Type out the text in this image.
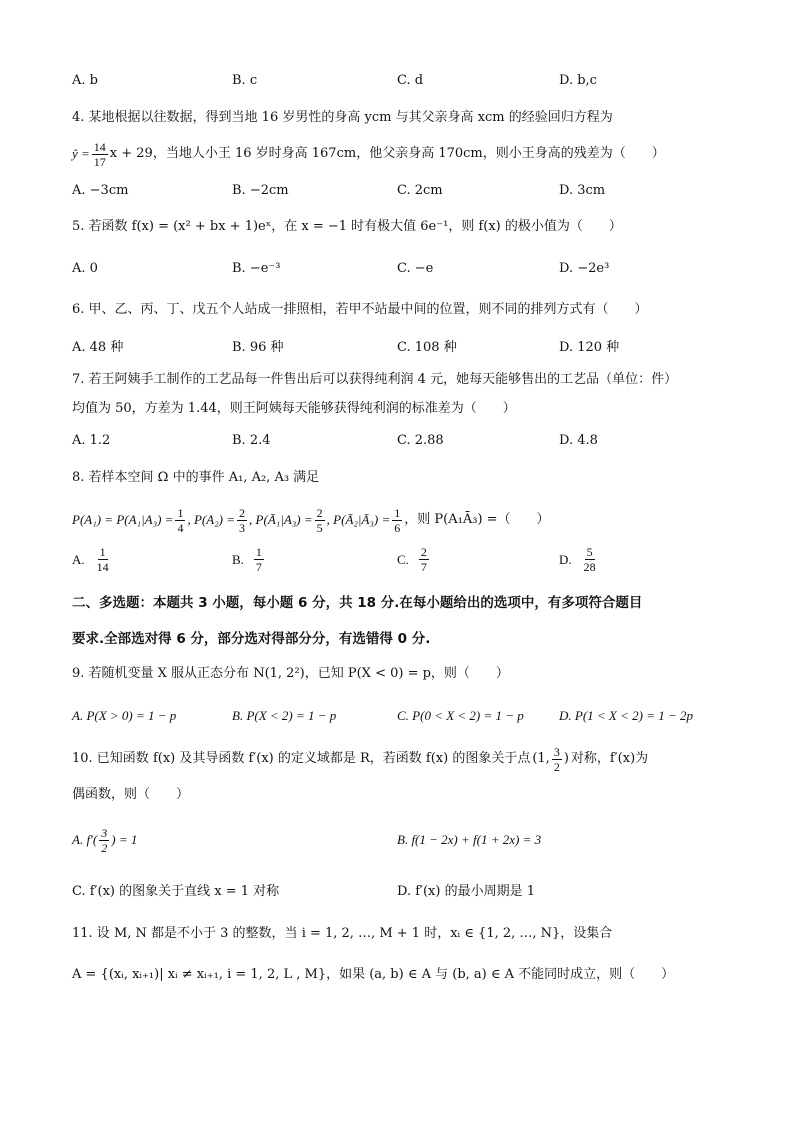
A. b	B. c	C. d	D. b,c
4. 某地根据以往数据，得到当地 16 岁男性的身高 ycm 与其父亲身高 xcm 的经验回归方程为
ŷ = $\frac{14}{17}$ x + 29，当地人小王 16 岁时身高 167cm，他父亲身高 170cm，则小王身高的残差为（　　）
A. −3cm	B. −2cm	C. 2cm	D. 3cm
5. 若函数 f(x) = (x² + bx + 1)eˣ，在 x = −1 时有极大值 6e⁻¹，则 f(x) 的极小值为（　　）
A. 0	B. −e⁻³	C. −e	D. −2e³
6. 甲、乙、丙、丁、戊五个人站成一排照相，若甲不站最中间的位置，则不同的排列方式有（　　）
A. 48 种	B. 96 种	C. 108 种	D. 120 种
7. 若王阿姨手工制作的工艺品每一件售出后可以获得纯利润 4 元，她每天能够售出的工艺品（单位：件）
均值为 50，方差为 1.44，则王阿姨每天能够获得纯利润的标准差为（　　）
A. 1.2	B. 2.4	C. 2.88	D. 4.8
8. 若样本空间 Ω 中的事件 A₁, A₂, A₃ 满足
$P(A_1) = P(A_1|A_3) = \frac{1}{4}$ , $P(A_2) = \frac{2}{3}$ , P(Ā₁|A₃) = $\frac{2}{5}$ , P(Ā₂|Ā₃) = $\frac{1}{6}$ ，则 P(A₁Ā₃) =（　　）
A. $\frac{1}{14}$	B. $\frac{1}{7}$	C. $\frac{2}{7}$	D. $\frac{5}{28}$
二、多选题：本题共 3 小题，每小题 6 分，共 18 分.在每小题给出的选项中，有多项符合题目
要求.全部选对得 6 分，部分选对得部分分，有选错得 0 分.
9. 若随机变量 X 服从正态分布 N(1, 2²)，已知 P(X < 0) = p，则（　　）
A. P(X > 0) = 1 − p	B. P(X < 2) = 1 − p	C. P(0 < X < 2) = 1 − p	D. P(1 < X < 2) = 1 − 2p
10. 已知函数 f(x) 及其导函数 f′(x) 的定义域都是 R，若函数 f(x) 的图象关于点 (1, $\frac{3}{2}$ ) 对称，f′(x)为
偶函数，则（　　）
A. $f'( \frac{3}{2}$ ) = 1	B. f(1 − 2x) + f(1 + 2x) = 3
C. f′(x) 的图象关于直线 x = 1 对称	D. f′(x) 的最小周期是 1
11. 设 M, N 都是不小于 3 的整数，当 i = 1, 2, …, M + 1 时，xᵢ ∈ {1, 2, …, N}，设集合
A = {(xᵢ, xᵢ₊₁)| xᵢ ≠ xᵢ₊₁, i = 1, 2, L , M}，如果 (a, b) ∈ A 与 (b, a) ∈ A 不能同时成立，则（　　）
